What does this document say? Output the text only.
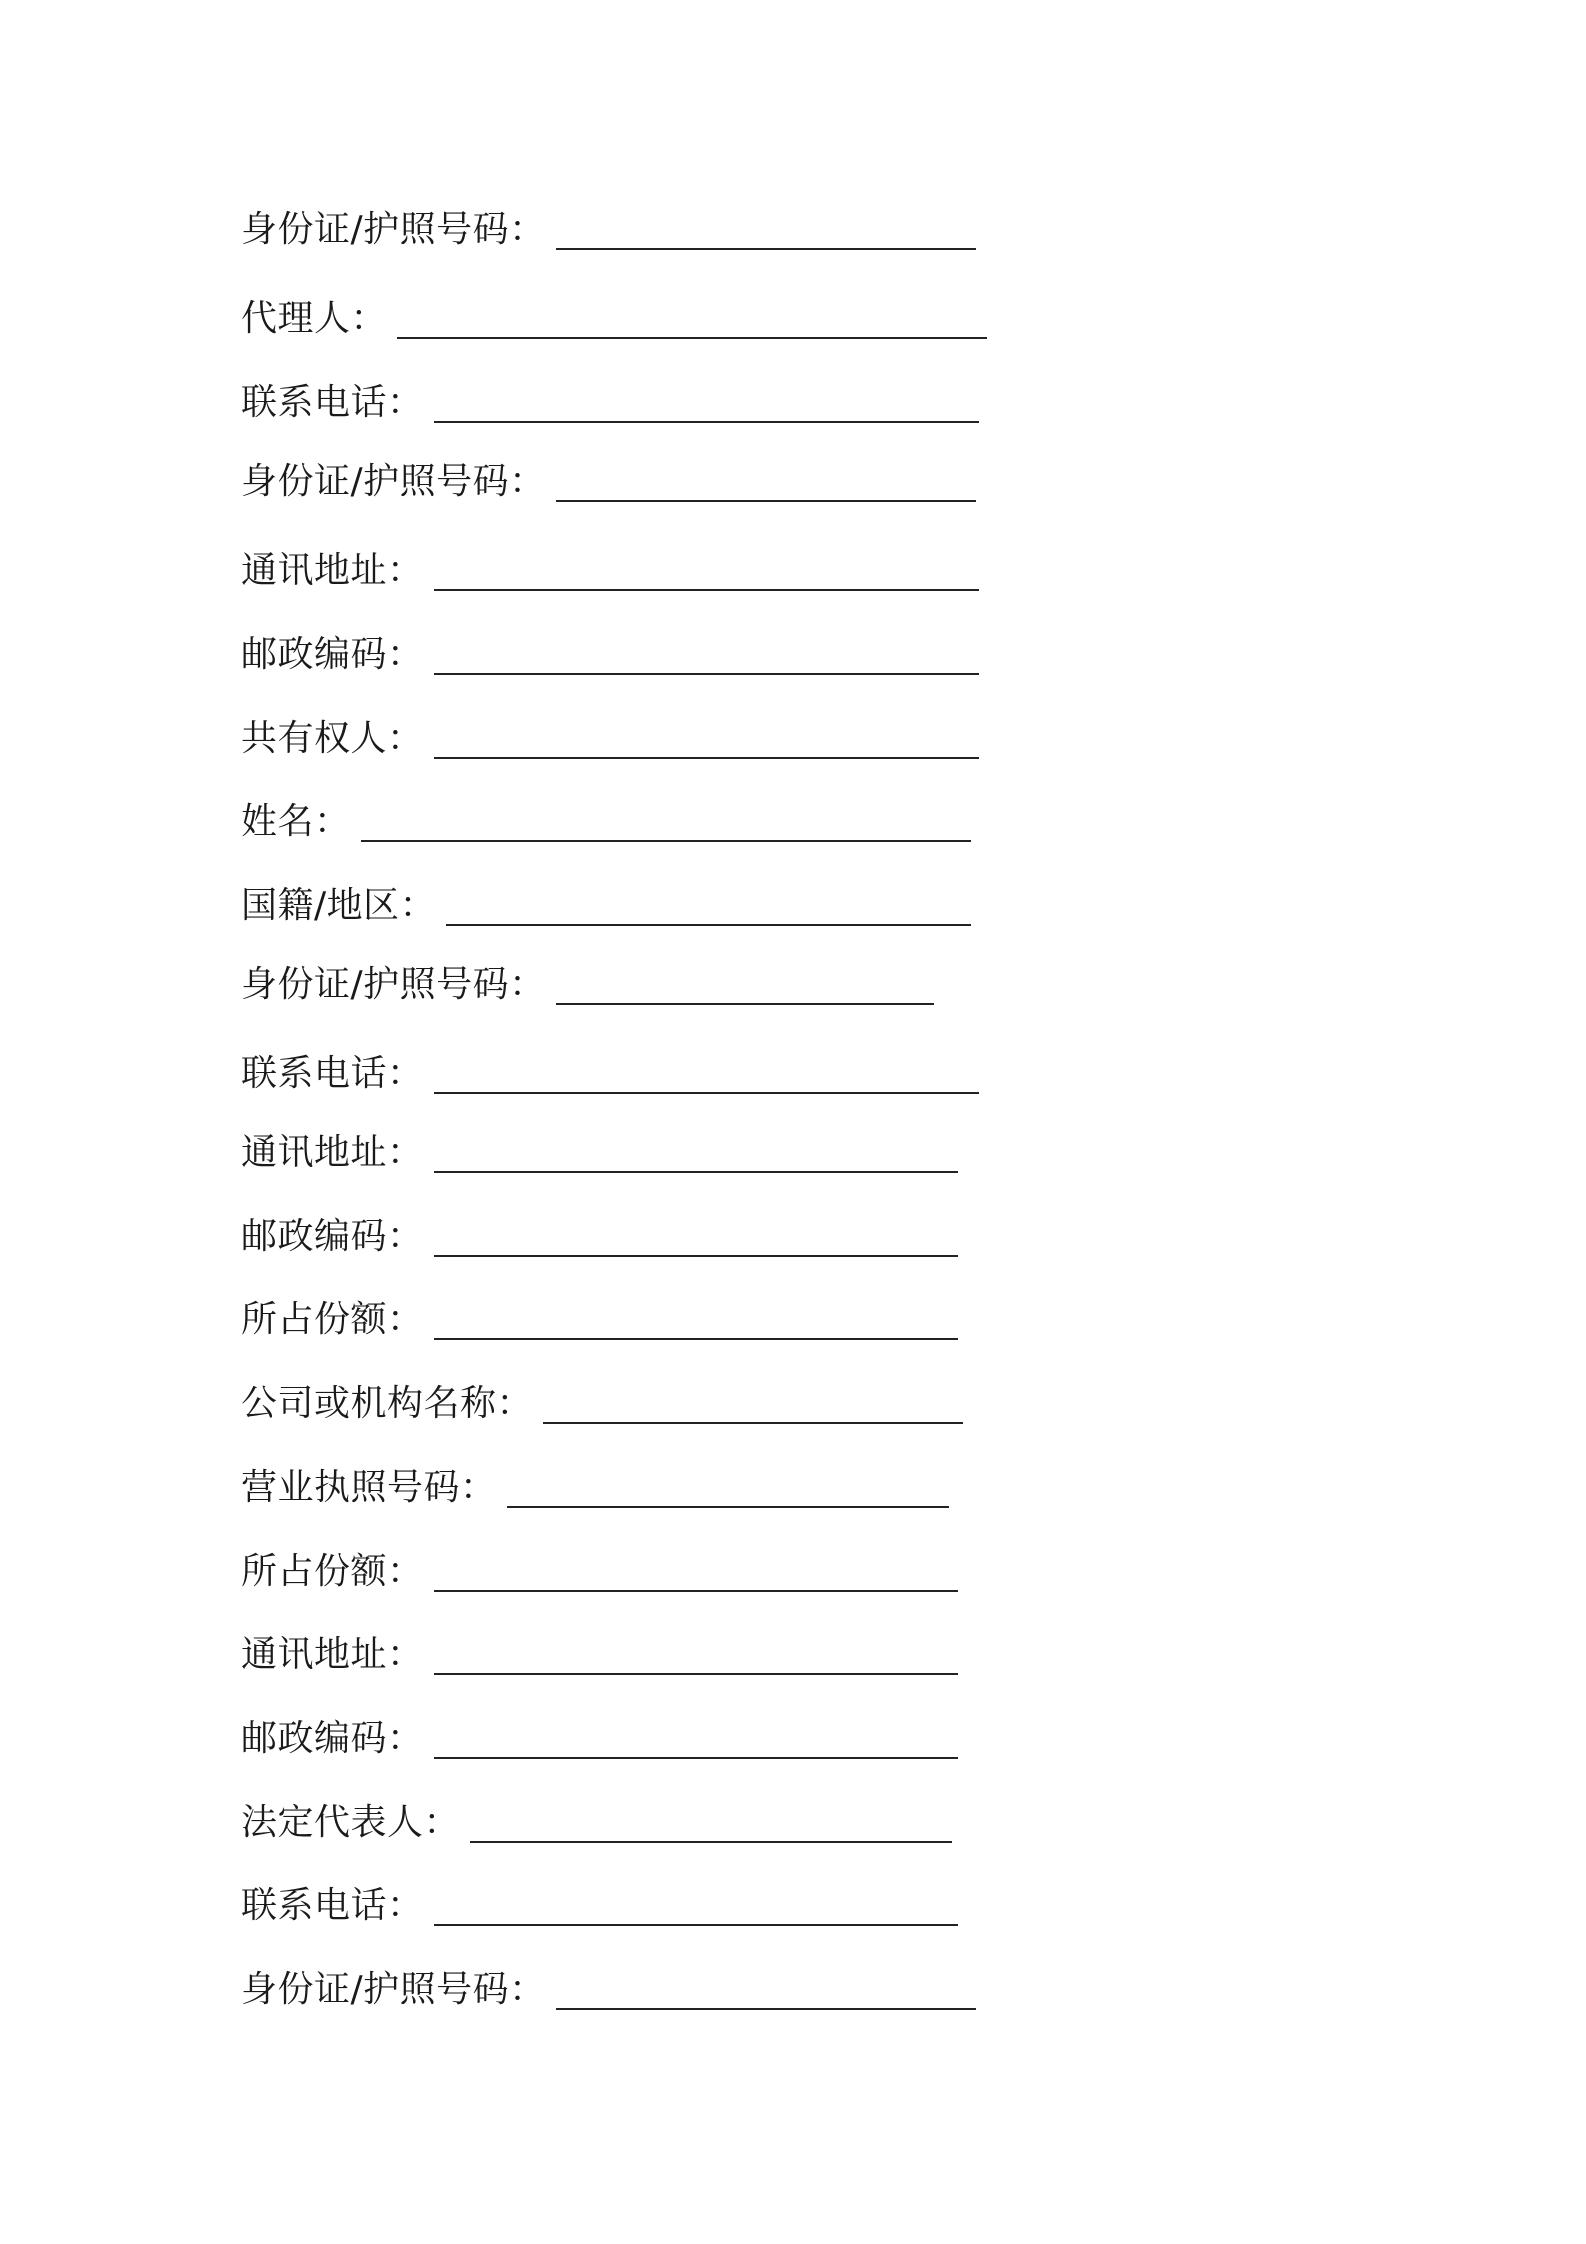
身份证/护照号码：
代理人：
联系电话：
身份证/护照号码：
通讯地址：
邮政编码：
共有权人：
姓名：
国籍/地区：
身份证/护照号码：
联系电话：
通讯地址：
邮政编码：
所占份额：
公司或机构名称：
营业执照号码：
所占份额：
通讯地址：
邮政编码：
法定代表人：
联系电话：
身份证/护照号码：
